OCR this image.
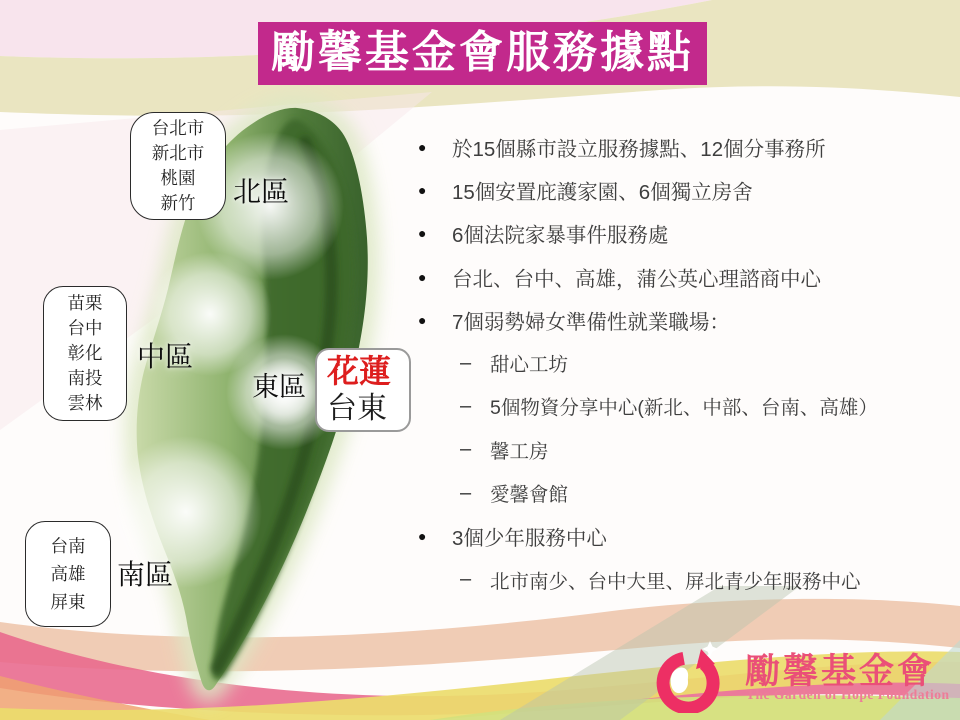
勵馨基金會服務據點
台北市
新北市
桃園
新竹
苗栗
台中
彰化
南投
雲林
台南
高雄
屏東
北區
中區
東區
南區
花蓮
台東
●	於15個縣市設立服務據點、12個分事務所
●	15個安置庇護家園、6個獨立房舍
●	6個法院家暴事件服務處
●	台北、台中、高雄，蒲公英心理諮商中心
●	7個弱勢婦女準備性就業職場：
– 甜心工坊
– 5個物資分享中心(新北、中部、台南、高雄）
– 馨工房
– 愛馨會館
●	3個少年服務中心
– 北市南少、台中大里、屏北青少年服務中心
勵馨基金會
The Garden of Hope Foundation
